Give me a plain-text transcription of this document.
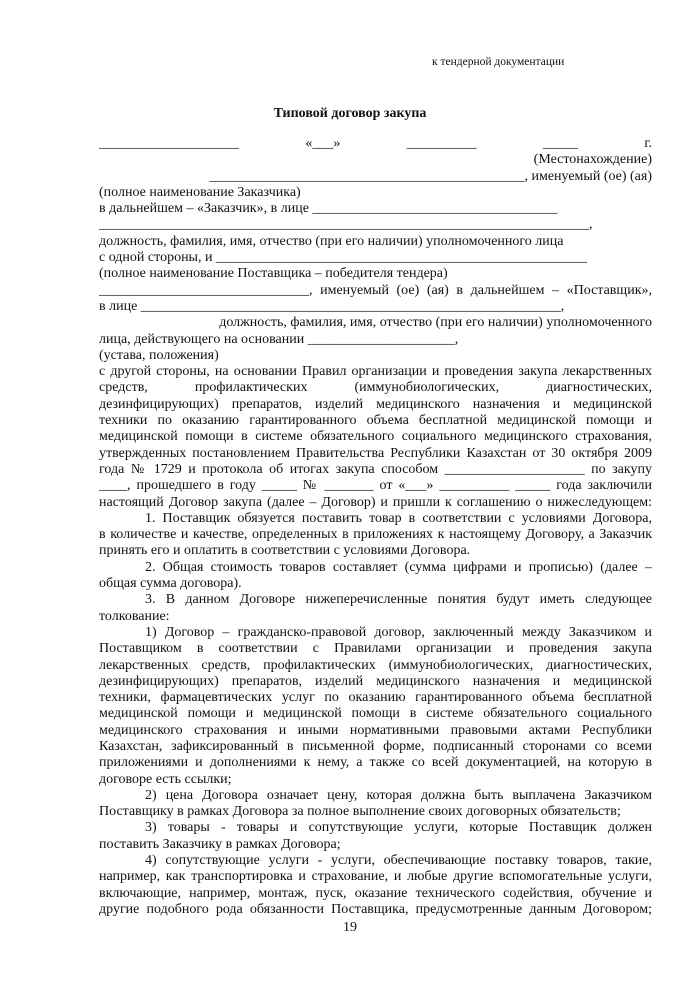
к тендерной документации
Типовой договор закупа
____________________ «___» __________ _____ г.
(Местонахождение)
_____________________________________________, именуемый (ое) (ая)
(полное наименование Заказчика)
в дальнейшем – «Заказчик», в лице ___________________________________
______________________________________________________________________,
должность, фамилия, имя, отчество (при его наличии) уполномоченного лица
с одной стороны, и _____________________________________________________
(полное наименование Поставщика – победителя тендера)
______________________________, именуемый (ое) (ая) в дальнейшем – «Поставщик»,
в лице ____________________________________________________________,
должность, фамилия, имя, отчество (при его наличии) уполномоченного
лица, действующего на основании _____________________,
(устава, положения)
с другой стороны, на основании Правил организации и проведения закупа лекарственных
средств, профилактических (иммунобиологических, диагностических,
дезинфицирующих) препаратов, изделий медицинского назначения и медицинской
техники по оказанию гарантированного объема бесплатной медицинской помощи и
медицинской помощи в системе обязательного социального медицинского страхования,
утвержденных постановлением Правительства Республики Казахстан от 30 октября 2009
года № 1729 и протокола об итогах закупа способом ____________________ по закупу
____, прошедшего в году _____ № _______ от «___» __________ _____ года заключили
настоящий Договор закупа (далее – Договор) и пришли к соглашению о нижеследующем:
1. Поставщик обязуется поставить товар в соответствии с условиями Договора,
в количестве и качестве, определенных в приложениях к настоящему Договору, а Заказчик
принять его и оплатить в соответствии с условиями Договора.
2. Общая стоимость товаров составляет (сумма цифрами и прописью) (далее –
общая сумма договора).
3. В данном Договоре нижеперечисленные понятия будут иметь следующее
толкование:
1) Договор – гражданско-правовой договор, заключенный между Заказчиком и
Поставщиком в соответствии с Правилами организации и проведения закупа
лекарственных средств, профилактических (иммунобиологических, диагностических,
дезинфицирующих) препаратов, изделий медицинского назначения и медицинской
техники, фармацевтических услуг по оказанию гарантированного объема бесплатной
медицинской помощи и медицинской помощи в системе обязательного социального
медицинского страхования и иными нормативными правовыми актами Республики
Казахстан, зафиксированный в письменной форме, подписанный сторонами со всеми
приложениями и дополнениями к нему, а также со всей документацией, на которую в
договоре есть ссылки;
2) цена Договора означает цену, которая должна быть выплачена Заказчиком
Поставщику в рамках Договора за полное выполнение своих договорных обязательств;
3) товары - товары и сопутствующие услуги, которые Поставщик должен
поставить Заказчику в рамках Договора;
4) сопутствующие услуги - услуги, обеспечивающие поставку товаров, такие,
например, как транспортировка и страхование, и любые другие вспомогательные услуги,
включающие, например, монтаж, пуск, оказание технического содействия, обучение и
другие подобного рода обязанности Поставщика, предусмотренные данным Договором;
19
